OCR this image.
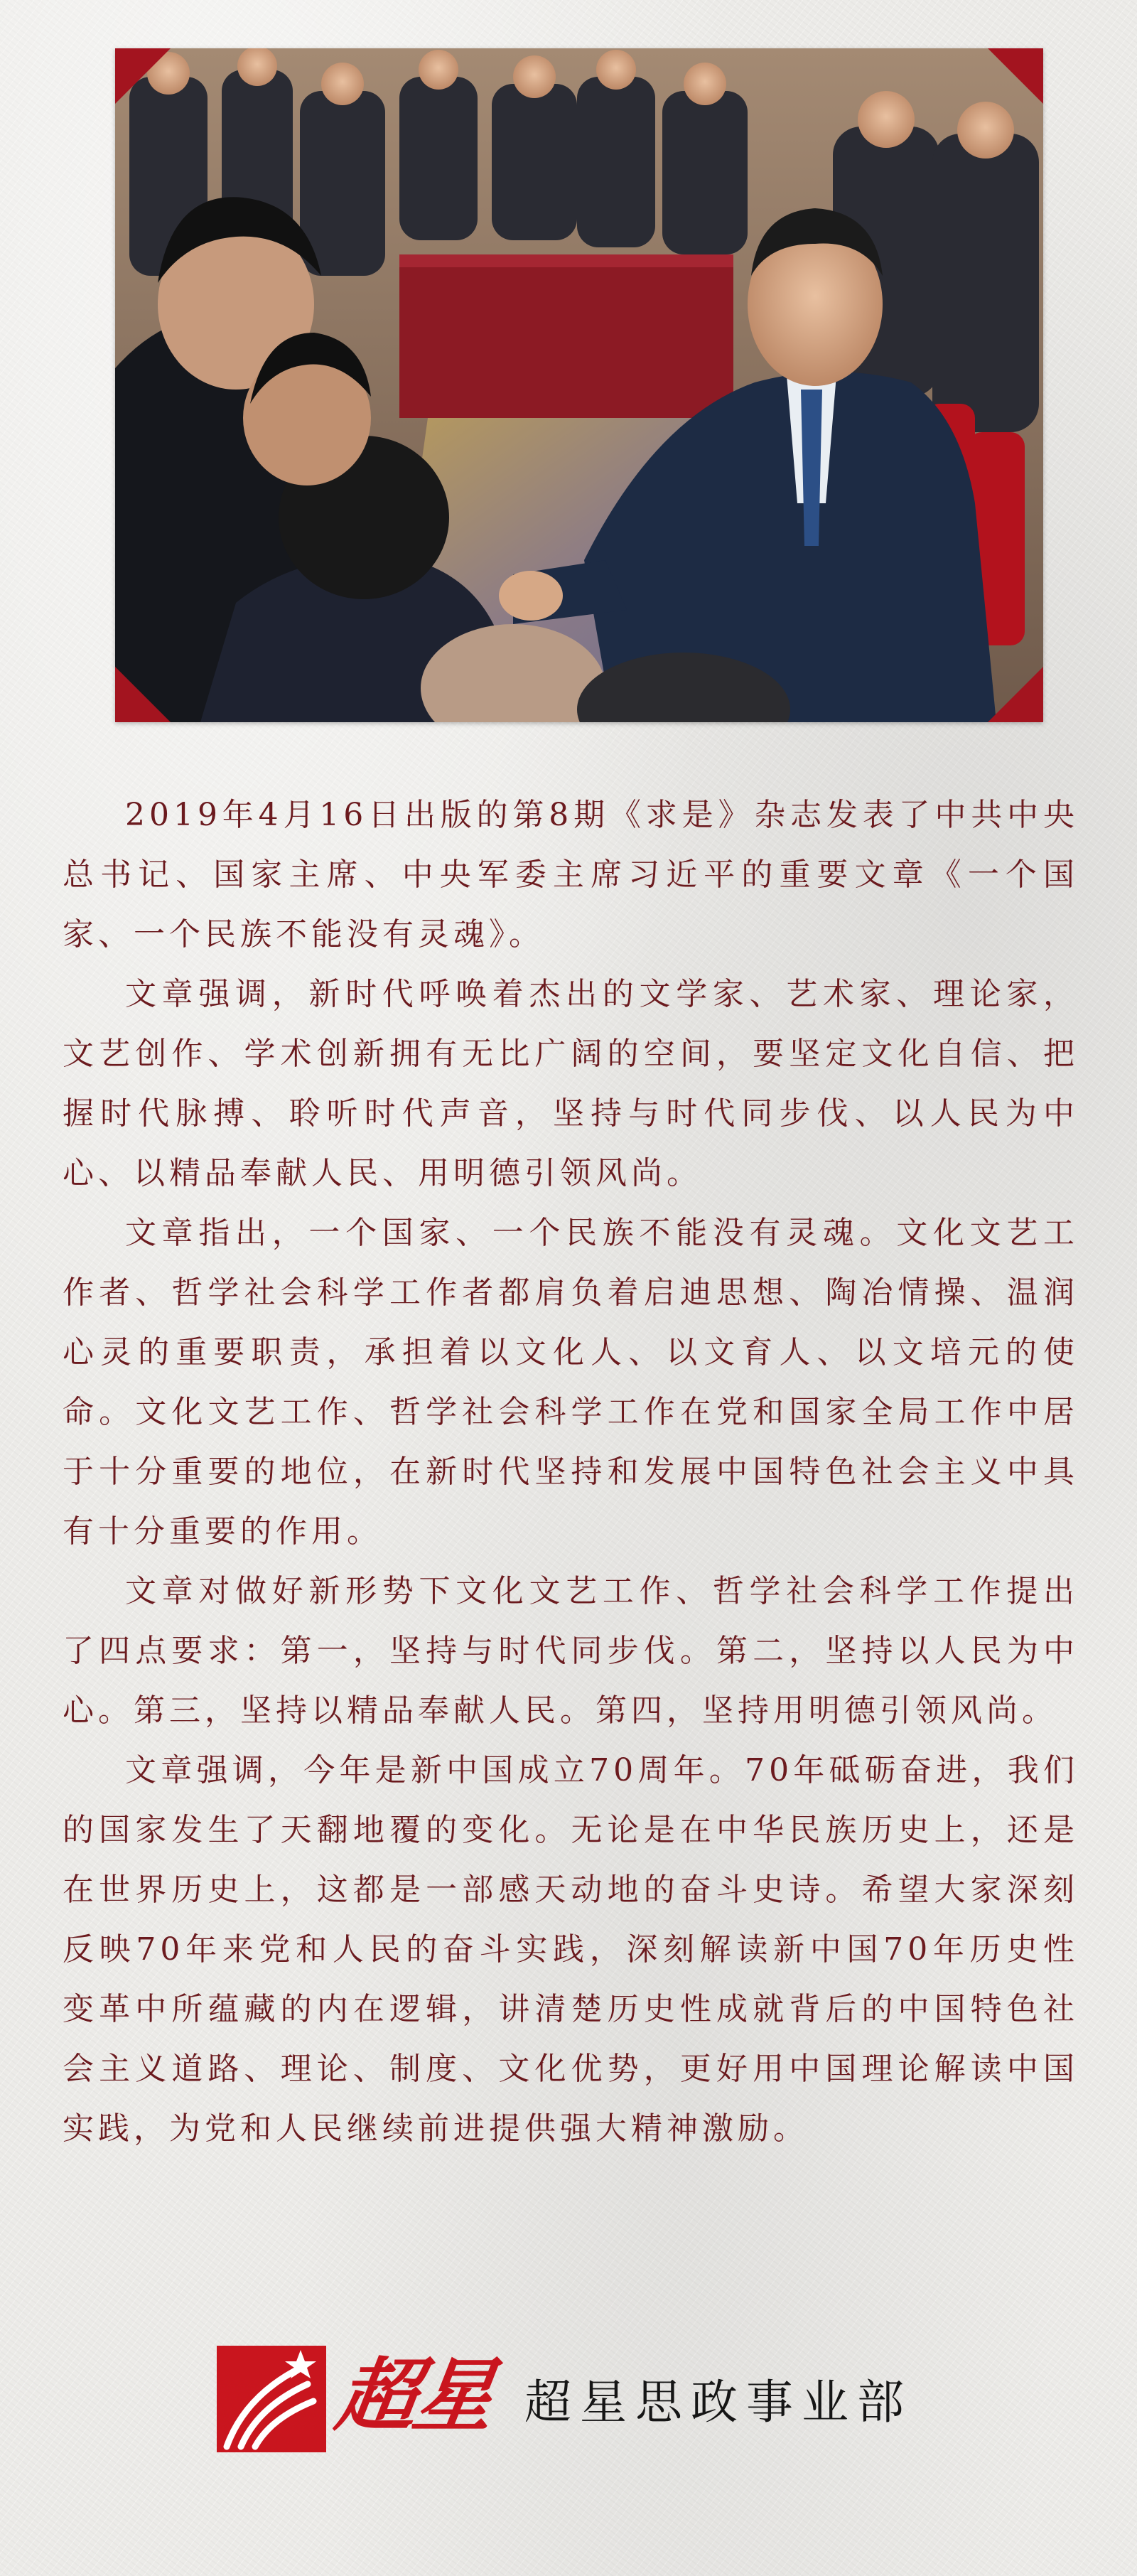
2019年4月16日出版的第8期《求是》杂志发表了中共中央总书记、国家主席、中央军委主席习近平的重要文章《一个国家、一个民族不能没有灵魂》。

文章强调，新时代呼唤着杰出的文学家、艺术家、理论家，文艺创作、学术创新拥有无比广阔的空间，要坚定文化自信、把握时代脉搏、聆听时代声音，坚持与时代同步伐、以人民为中心、以精品奉献人民、用明德引领风尚。

文章指出，一个国家、一个民族不能没有灵魂。文化文艺工作者、哲学社会科学工作者都肩负着启迪思想、陶冶情操、温润心灵的重要职责，承担着以文化人、以文育人、以文培元的使命。文化文艺工作、哲学社会科学工作在党和国家全局工作中居于十分重要的地位，在新时代坚持和发展中国特色社会主义中具有十分重要的作用。

文章对做好新形势下文化文艺工作、哲学社会科学工作提出了四点要求：第一，坚持与时代同步伐。第二，坚持以人民为中心。第三，坚持以精品奉献人民。第四，坚持用明德引领风尚。

文章强调，今年是新中国成立70周年。70年砥砺奋进，我们的国家发生了天翻地覆的变化。无论是在中华民族历史上，还是在世界历史上，这都是一部感天动地的奋斗史诗。希望大家深刻反映70年来党和人民的奋斗实践，深刻解读新中国70年历史性变革中所蕴藏的内在逻辑，讲清楚历史性成就背后的中国特色社会主义道路、理论、制度、文化优势，更好用中国理论解读中国实践，为党和人民继续前进提供强大精神激励。

超星 超星思政事业部
